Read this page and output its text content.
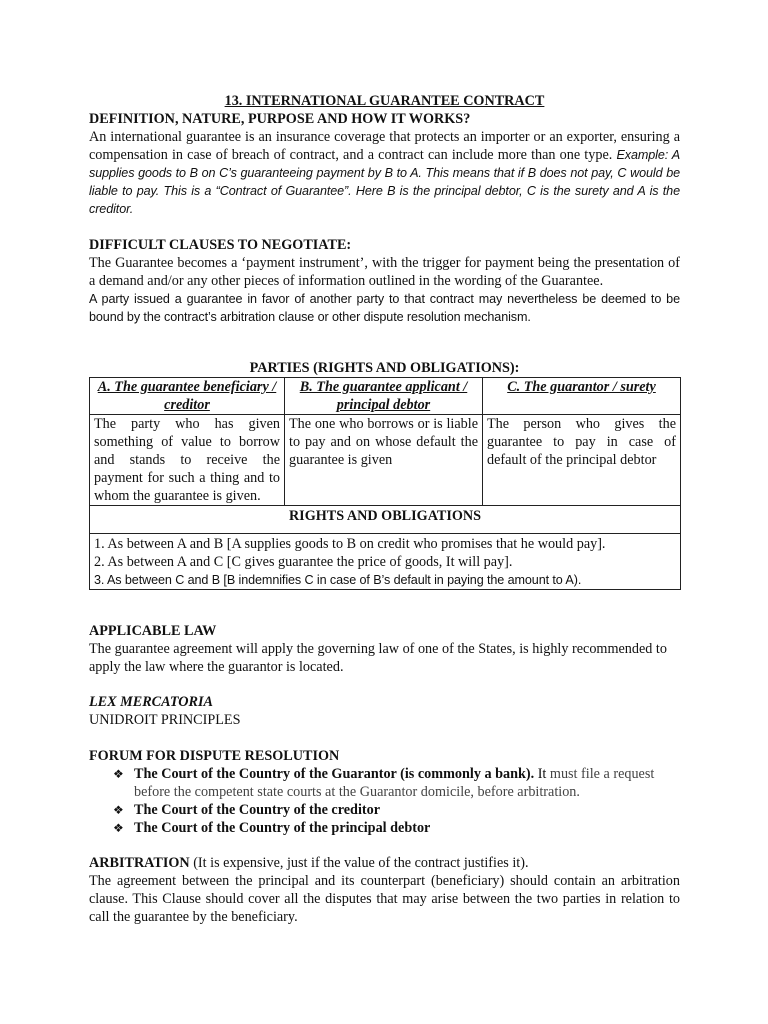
13. INTERNATIONAL GUARANTEE CONTRACT

DEFINITION, NATURE, PURPOSE AND HOW IT WORKS?

An international guarantee is an insurance coverage that protects an importer or an exporter, ensuring a compensation in case of breach of contract, and a contract can include more than one type. Example: A supplies goods to B on C’s guaranteeing payment by B to A. This means that if B does not pay, C would be liable to pay. This is a “Contract of Guarantee”. Here B is the principal debtor, C is the surety and A is the creditor.

DIFFICULT CLAUSES TO NEGOTIATE:

The Guarantee becomes a ‘payment instrument’, with the trigger for payment being the presentation of a demand and/or any other pieces of information outlined in the wording of the Guarantee.

A party issued a guarantee in favor of another party to that contract may nevertheless be deemed to be bound by the contract’s arbitration clause or other dispute resolution mechanism.

PARTIES (RIGHTS AND OBLIGATIONS):
A. The guarantee beneficiary / creditor	B. The guarantee applicant / principal debtor	C. The guarantor / surety
The party who has given something of value to borrow and stands to receive the payment for such a thing and to whom the guarantee is given.	The one who borrows or is liable to pay and on whose default the guarantee is given	The person who gives the guarantee to pay in case of default of the principal debtor
RIGHTS AND OBLIGATIONS		

1. As between A and B [A supplies goods to B on credit who promises that he would pay].
2. As between A and C [C gives guarantee the price of goods, It will pay].
3. As between C and B [B indemnifies C in case of B’s default in paying the amount to A).		

APPLICABLE LAW

The guarantee agreement will apply the governing law of one of the States, is highly recommended to apply the law where the guarantor is located.

LEX MERCATORIA

UNIDROIT PRINCIPLES

FORUM FOR DISPUTE RESOLUTION

❖ The Court of the Country of the Guarantor (is commonly a bank). It must file a request before the competent state courts at the Guarantor domicile, before arbitration.
❖ The Court of the Country of the creditor
❖ The Court of the Country of the principal debtor

ARBITRATION (It is expensive, just if the value of the contract justifies it).

The agreement between the principal and its counterpart (beneficiary) should contain an arbitration clause. This Clause should cover all the disputes that may arise between the two parties in relation to call the guarantee by the beneficiary.
